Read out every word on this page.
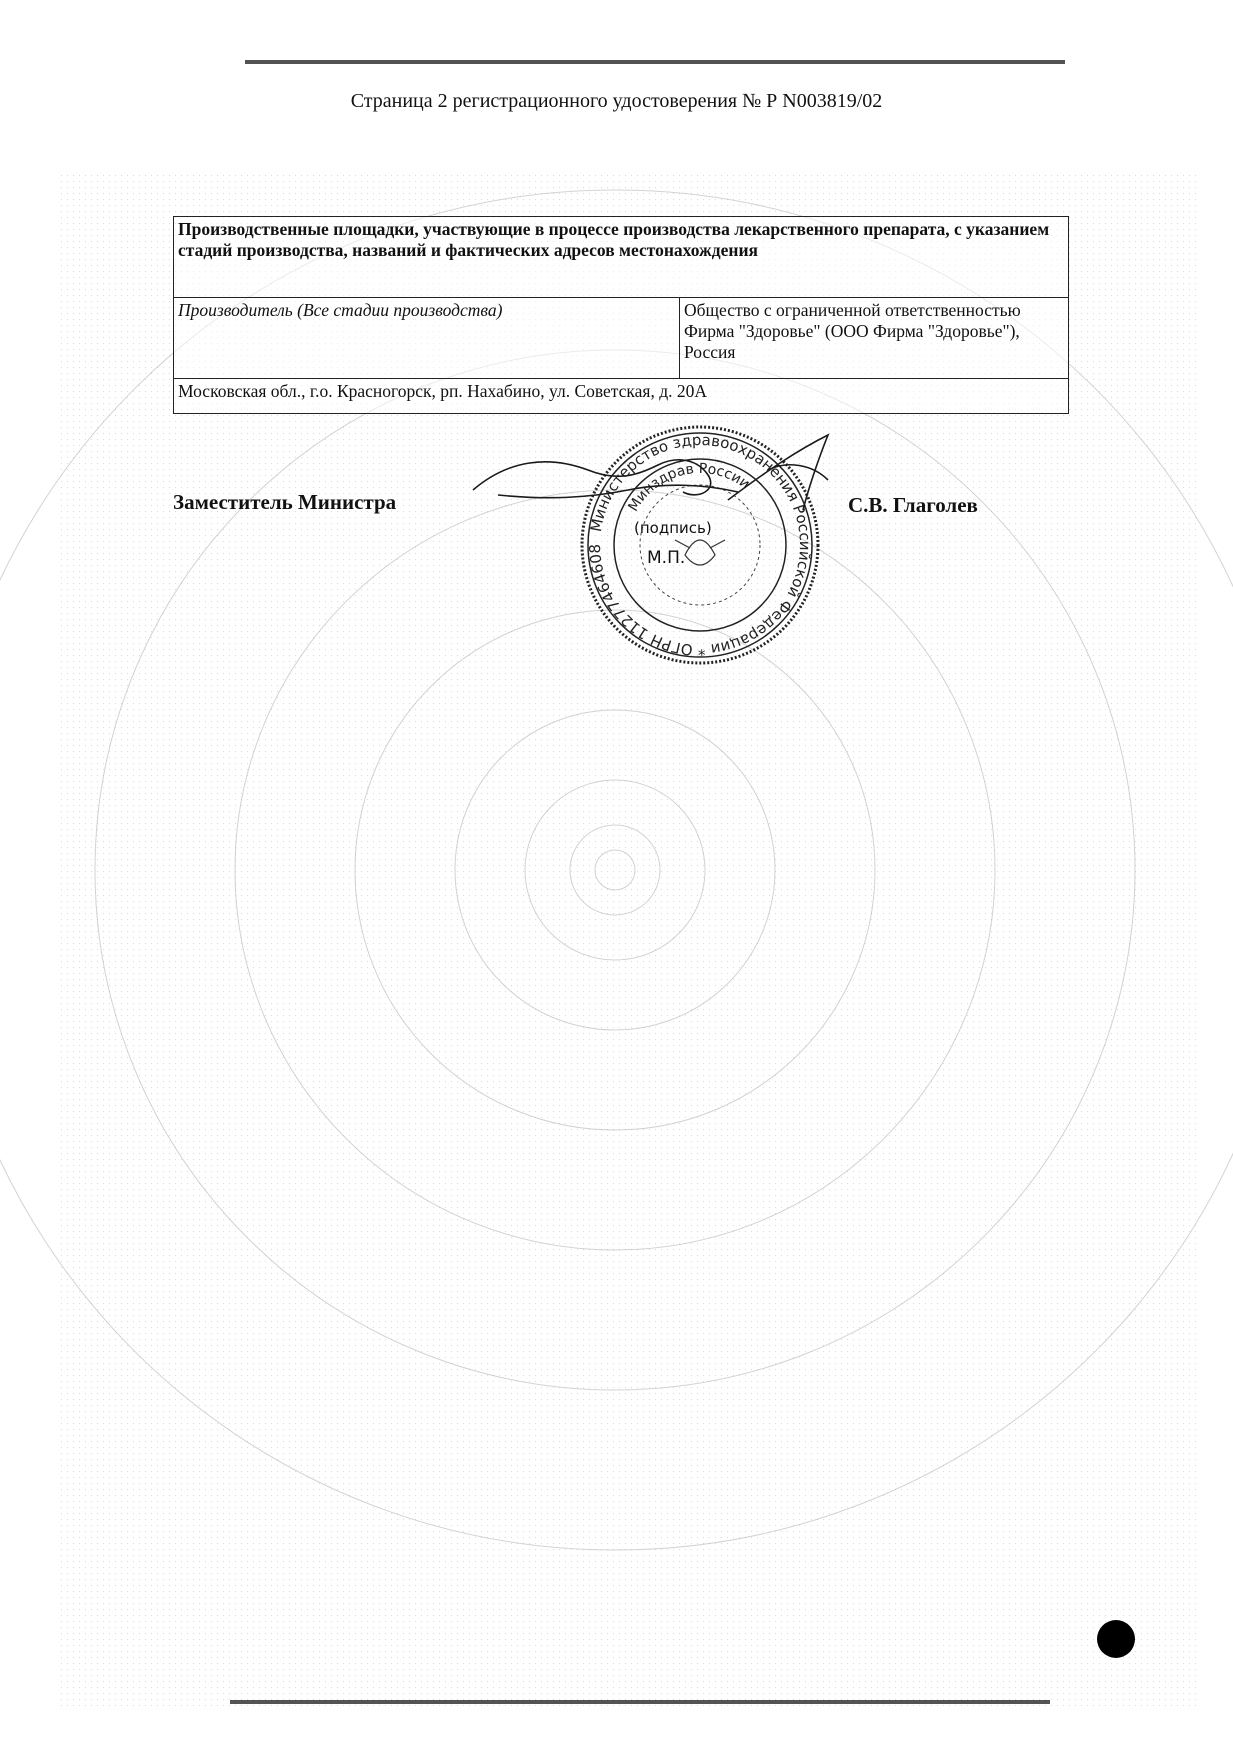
Страница 2 регистрационного удостоверения № Р N003819/02
Производственные площадки, участвующие в процессе производства лекарственного препарата, с указанием стадий производства, названий и фактических адресов местонахождения
Производитель (Все стадии производства)	Общество с ограниченной ответственностью Фирма "Здоровье" (ООО Фирма "Здоровье"), Россия
Московская обл., г.о. Красногорск, рп. Нахабино, ул. Советская, д. 20А
Заместитель Министра
Министерство здравоохранения Российской Федерации * ОГРН 11277464608
Минздрав России
(подпись)
М.П.
С.В. Глаголев
